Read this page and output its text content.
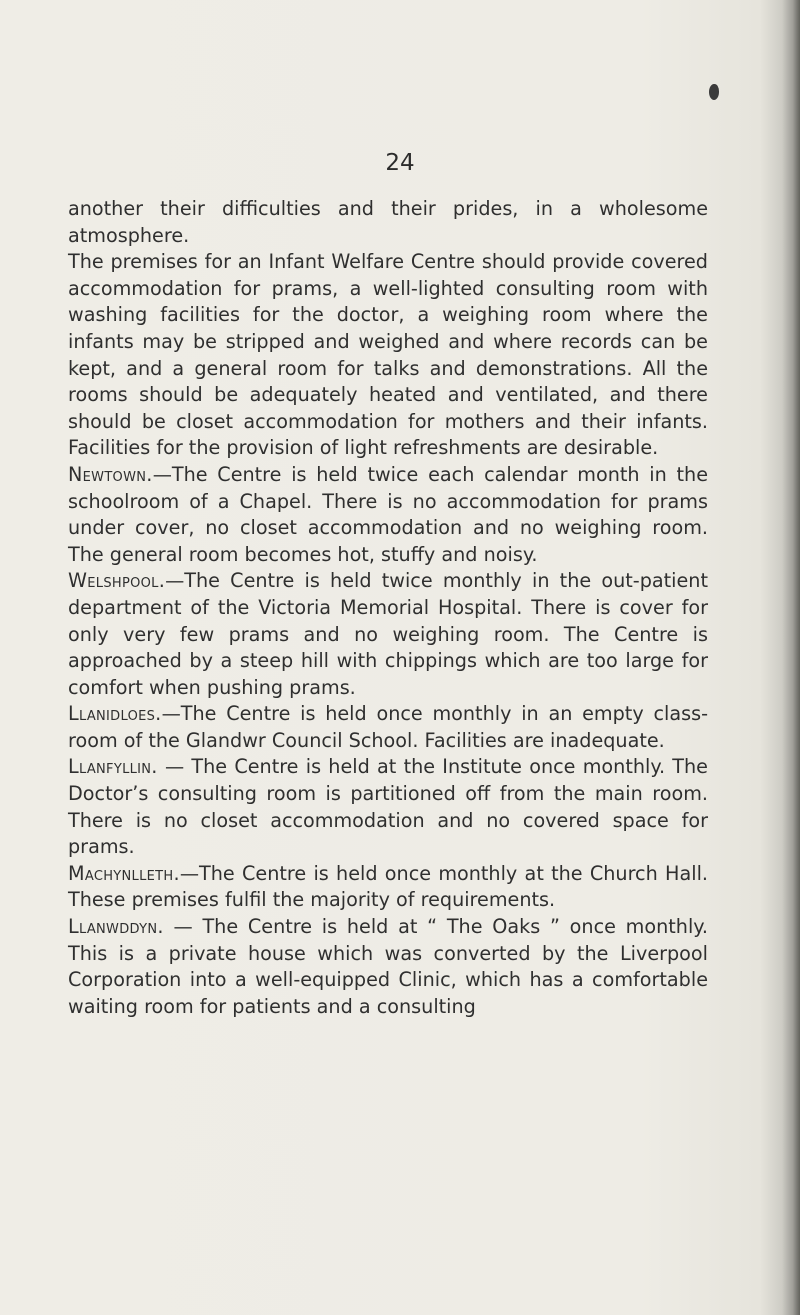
24

another their difficulties and their prides, in a wholesome atmosphere.

The premises for an Infant Welfare Centre should provide covered accommodation for prams, a well-lighted consulting room with washing facilities for the doctor, a weighing room where the infants may be stripped and weighed and where records can be kept, and a general room for talks and demonstrations. All the rooms should be adequately heated and ventilated, and there should be closet accommodation for mothers and their infants. Facilities for the provision of light refreshments are desirable.

Newtown.—The Centre is held twice each calendar month in the schoolroom of a Chapel. There is no accommodation for prams under cover, no closet accommodation and no weighing room. The general room becomes hot, stuffy and noisy.

Welshpool.—The Centre is held twice monthly in the out-patient department of the Victoria Memorial Hospital. There is cover for only very few prams and no weighing room. The Centre is approached by a steep hill with chippings which are too large for comfort when pushing prams.

Llanidloes.—The Centre is held once monthly in an empty class-room of the Glandwr Council School. Facilities are inadequate.

Llanfyllin. — The Centre is held at the Institute once monthly. The Doctor’s consulting room is partitioned off from the main room. There is no closet accommodation and no covered space for prams.

Machynlleth.—The Centre is held once monthly at the Church Hall. These premises fulfil the majority of requirements.

Llanwddyn. — The Centre is held at “ The Oaks ” once monthly. This is a private house which was converted by the Liverpool Corporation into a well-equipped Clinic, which has a comfortable waiting room for patients and a consulting
